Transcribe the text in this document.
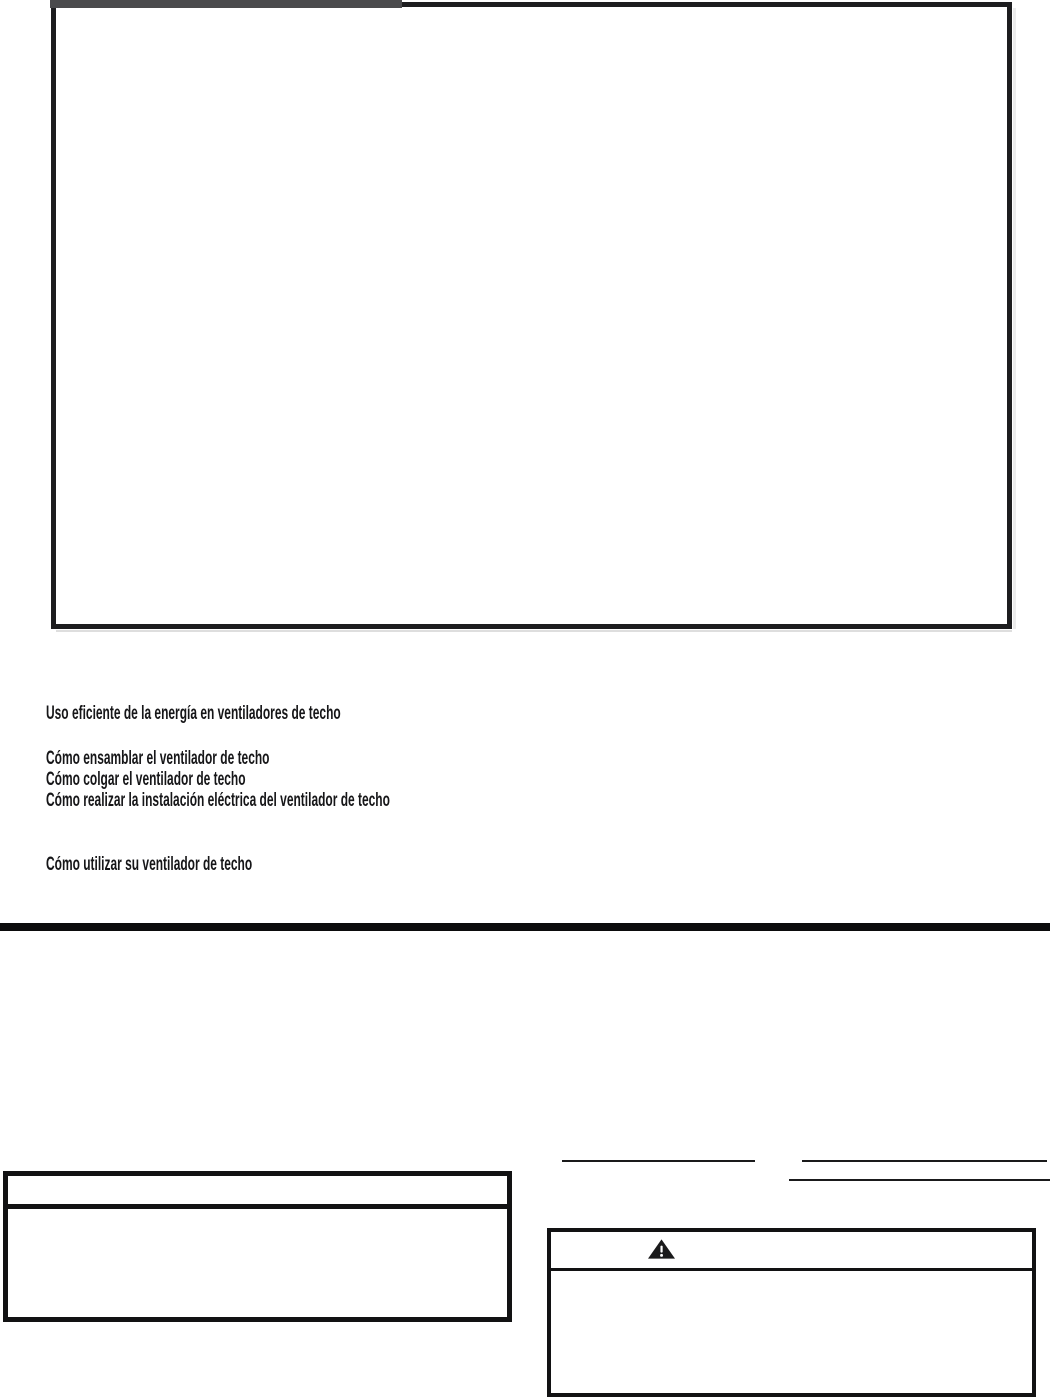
Uso eficiente de la energía en ventiladores de techo
Cómo ensamblar el ventilador de techo
Cómo colgar el ventilador de techo
Cómo realizar la instalación eléctrica del ventilador de techo
Cómo utilizar su ventilador de techo
